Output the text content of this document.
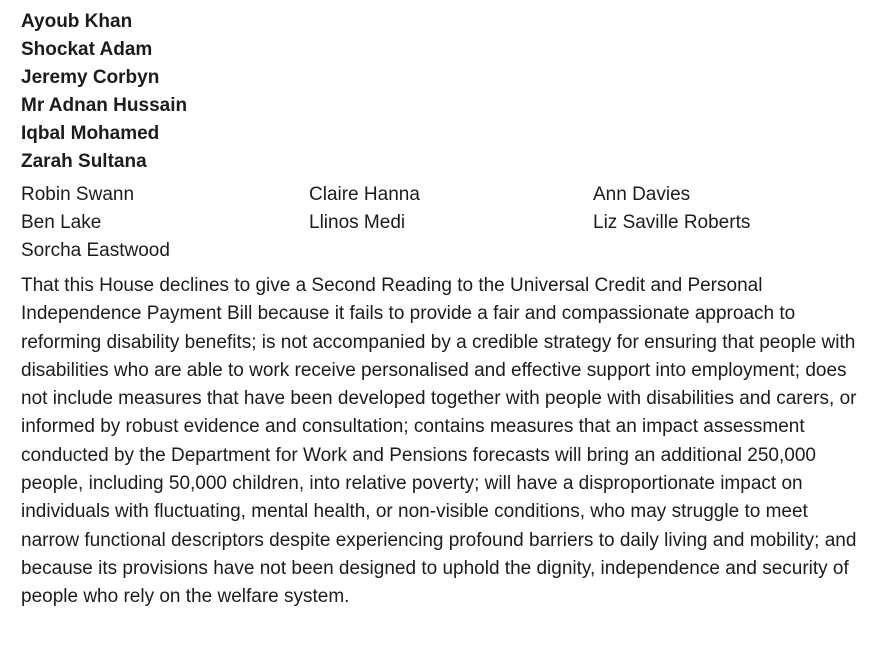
Ayoub Khan
Shockat Adam
Jeremy Corbyn
Mr Adnan Hussain
Iqbal Mohamed
Zarah Sultana
Robin Swann	Claire Hanna	Ann Davies
Ben Lake	Llinos Medi	Liz Saville Roberts
Sorcha Eastwood

That this House declines to give a Second Reading to the Universal Credit and Personal Independence Payment Bill because it fails to provide a fair and compassionate approach to reforming disability benefits; is not accompanied by a credible strategy for ensuring that people with disabilities who are able to work receive personalised and effective support into employment; does not include measures that have been developed together with people with disabilities and carers, or informed by robust evidence and consultation; contains measures that an impact assessment conducted by the Department for Work and Pensions forecasts will bring an additional 250,000 people, including 50,000 children, into relative poverty; will have a disproportionate impact on individuals with fluctuating, mental health, or non-visible conditions, who may struggle to meet narrow functional descriptors despite experiencing profound barriers to daily living and mobility; and because its provisions have not been designed to uphold the dignity, independence and security of people who rely on the welfare system.
